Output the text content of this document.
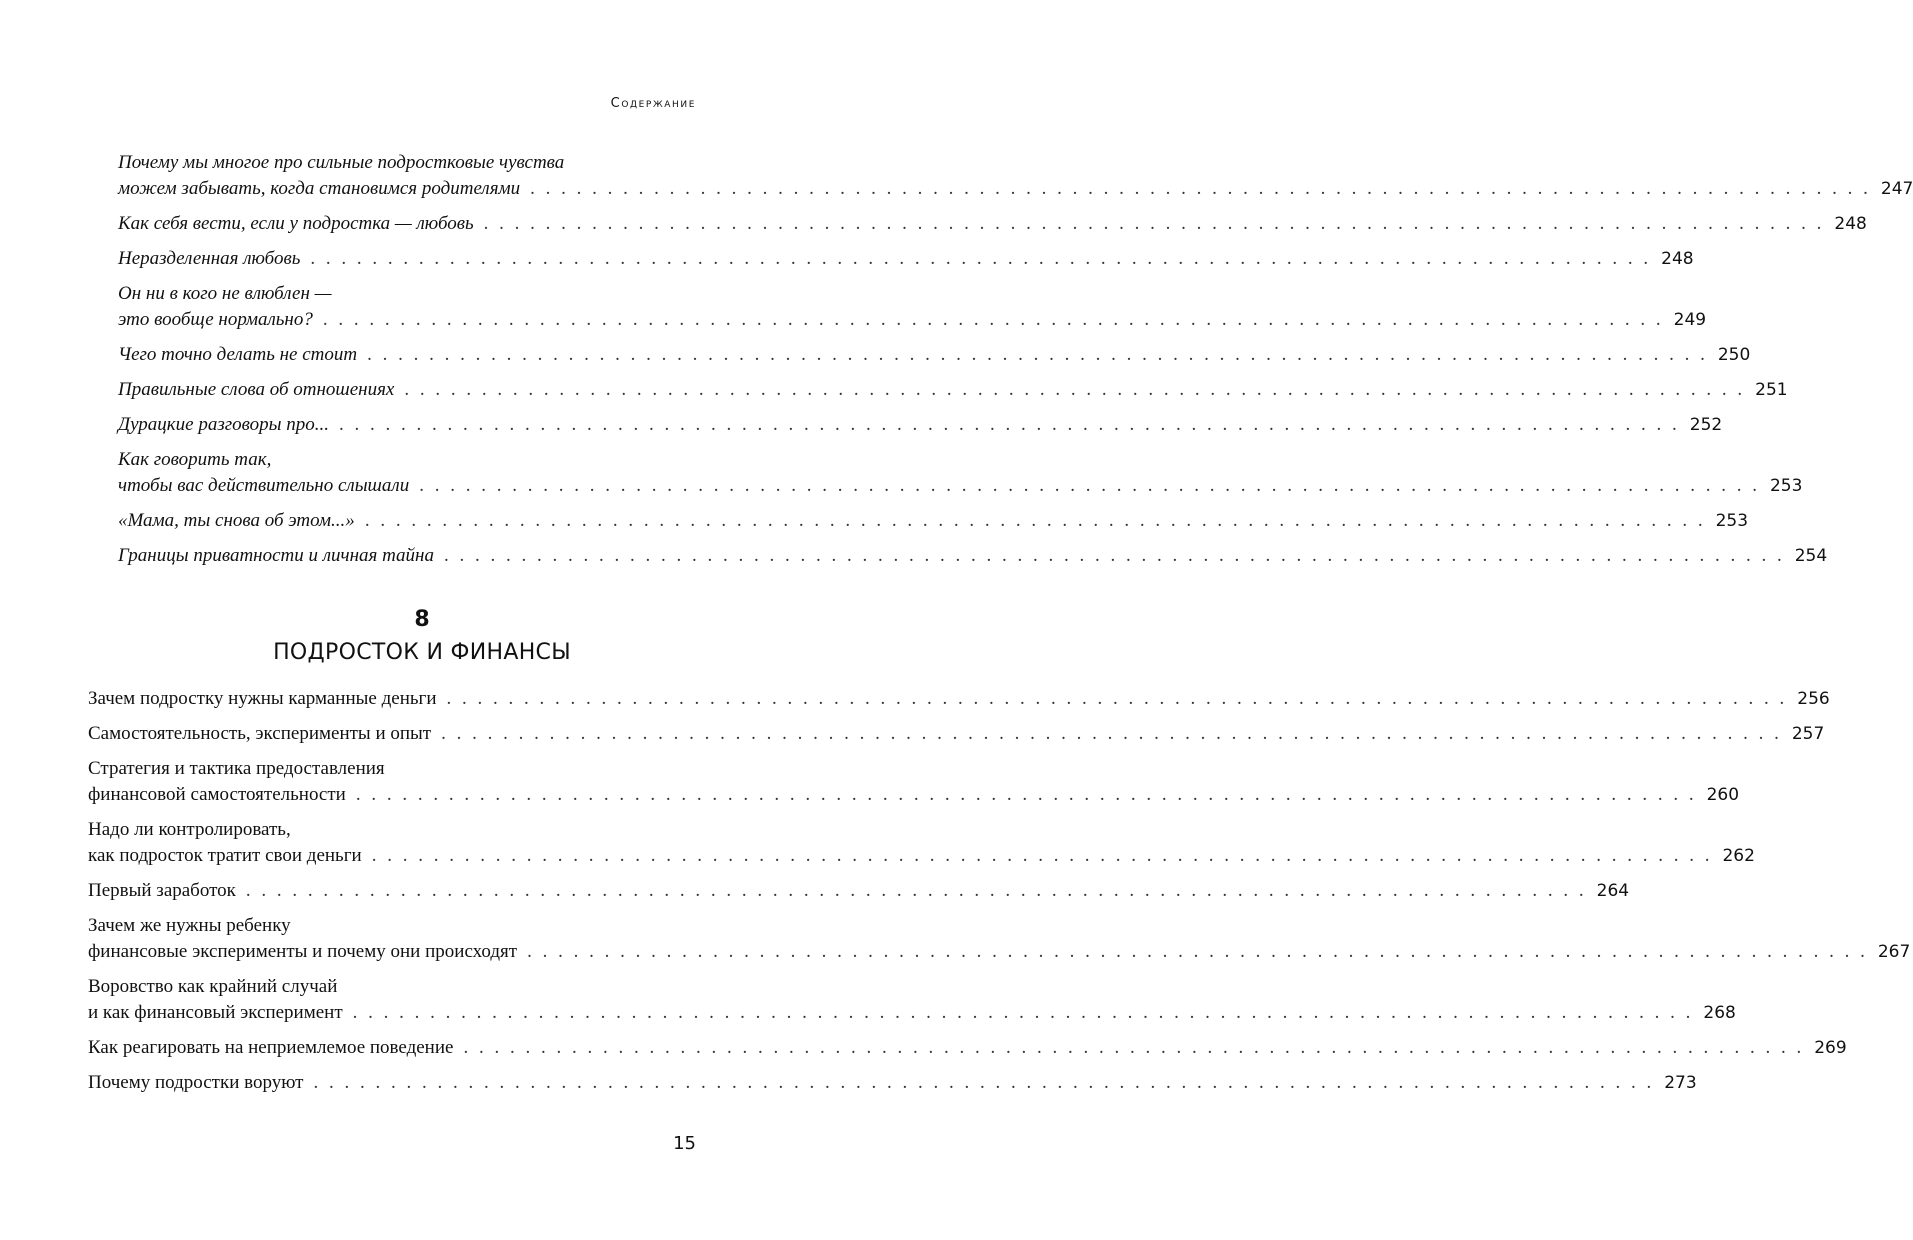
Содержание
Почему мы многое про сильные подростковые чувства
можем забывать, когда становимся родителями . . . . . . . . . . . . . . . . . . . . . . . . . . . . . . . . . . . . . . . . . . . . . . . . . . . . . . . . . . . . . . . . . . . . . . . . . . . . . . . . . . . . . . . 247
Как себя вести, если у подростка — любовь . . . . . . . . . . . . . . . . . . . . . . . . . . . . . . . . . . . . . . . . . . . . . . . . . . . . . . . . . . . . . . . . . . . . . . . . . . . . . . . . . . . . . . . 248
Неразделенная любовь . . . . . . . . . . . . . . . . . . . . . . . . . . . . . . . . . . . . . . . . . . . . . . . . . . . . . . . . . . . . . . . . . . . . . . . . . . . . . . . . . . . . . . . 248
Он ни в кого не влюблен —
это вообще нормально? . . . . . . . . . . . . . . . . . . . . . . . . . . . . . . . . . . . . . . . . . . . . . . . . . . . . . . . . . . . . . . . . . . . . . . . . . . . . . . . . . . . . . . . 249
Чего точно делать не стоит . . . . . . . . . . . . . . . . . . . . . . . . . . . . . . . . . . . . . . . . . . . . . . . . . . . . . . . . . . . . . . . . . . . . . . . . . . . . . . . . . . . . . . . 250
Правильные слова об отношениях . . . . . . . . . . . . . . . . . . . . . . . . . . . . . . . . . . . . . . . . . . . . . . . . . . . . . . . . . . . . . . . . . . . . . . . . . . . . . . . . . . . . . . . 251
Дурацкие разговоры про... . . . . . . . . . . . . . . . . . . . . . . . . . . . . . . . . . . . . . . . . . . . . . . . . . . . . . . . . . . . . . . . . . . . . . . . . . . . . . . . . . . . . . . . 252
Как говорить так,
чтобы вас действительно слышали . . . . . . . . . . . . . . . . . . . . . . . . . . . . . . . . . . . . . . . . . . . . . . . . . . . . . . . . . . . . . . . . . . . . . . . . . . . . . . . . . . . . . . . 253
«Мама, ты снова об этом...» . . . . . . . . . . . . . . . . . . . . . . . . . . . . . . . . . . . . . . . . . . . . . . . . . . . . . . . . . . . . . . . . . . . . . . . . . . . . . . . . . . . . . . . 253
Границы приватности и личная тайна . . . . . . . . . . . . . . . . . . . . . . . . . . . . . . . . . . . . . . . . . . . . . . . . . . . . . . . . . . . . . . . . . . . . . . . . . . . . . . . . . . . . . . . 254
8
ПОДРОСТОК И ФИНАНСЫ
Зачем подростку нужны карманные деньги . . . . . . . . . . . . . . . . . . . . . . . . . . . . . . . . . . . . . . . . . . . . . . . . . . . . . . . . . . . . . . . . . . . . . . . . . . . . . . . . . . . . . . . 256
Самостоятельность, эксперименты и опыт . . . . . . . . . . . . . . . . . . . . . . . . . . . . . . . . . . . . . . . . . . . . . . . . . . . . . . . . . . . . . . . . . . . . . . . . . . . . . . . . . . . . . . . 257
Стратегия и тактика предоставления
финансовой самостоятельности . . . . . . . . . . . . . . . . . . . . . . . . . . . . . . . . . . . . . . . . . . . . . . . . . . . . . . . . . . . . . . . . . . . . . . . . . . . . . . . . . . . . . . . 260
Надо ли контролировать,
как подросток тратит свои деньги . . . . . . . . . . . . . . . . . . . . . . . . . . . . . . . . . . . . . . . . . . . . . . . . . . . . . . . . . . . . . . . . . . . . . . . . . . . . . . . . . . . . . . . 262
Первый заработок . . . . . . . . . . . . . . . . . . . . . . . . . . . . . . . . . . . . . . . . . . . . . . . . . . . . . . . . . . . . . . . . . . . . . . . . . . . . . . . . . . . . . . . 264
Зачем же нужны ребенку
финансовые эксперименты и почему они происходят . . . . . . . . . . . . . . . . . . . . . . . . . . . . . . . . . . . . . . . . . . . . . . . . . . . . . . . . . . . . . . . . . . . . . . . . . . . . . . . . . . . . . . . 267
Воровство как крайний случай
и как финансовый эксперимент . . . . . . . . . . . . . . . . . . . . . . . . . . . . . . . . . . . . . . . . . . . . . . . . . . . . . . . . . . . . . . . . . . . . . . . . . . . . . . . . . . . . . . . 268
Как реагировать на неприемлемое поведение . . . . . . . . . . . . . . . . . . . . . . . . . . . . . . . . . . . . . . . . . . . . . . . . . . . . . . . . . . . . . . . . . . . . . . . . . . . . . . . . . . . . . . . 269
Почему подростки воруют . . . . . . . . . . . . . . . . . . . . . . . . . . . . . . . . . . . . . . . . . . . . . . . . . . . . . . . . . . . . . . . . . . . . . . . . . . . . . . . . . . . . . . . 273
15
